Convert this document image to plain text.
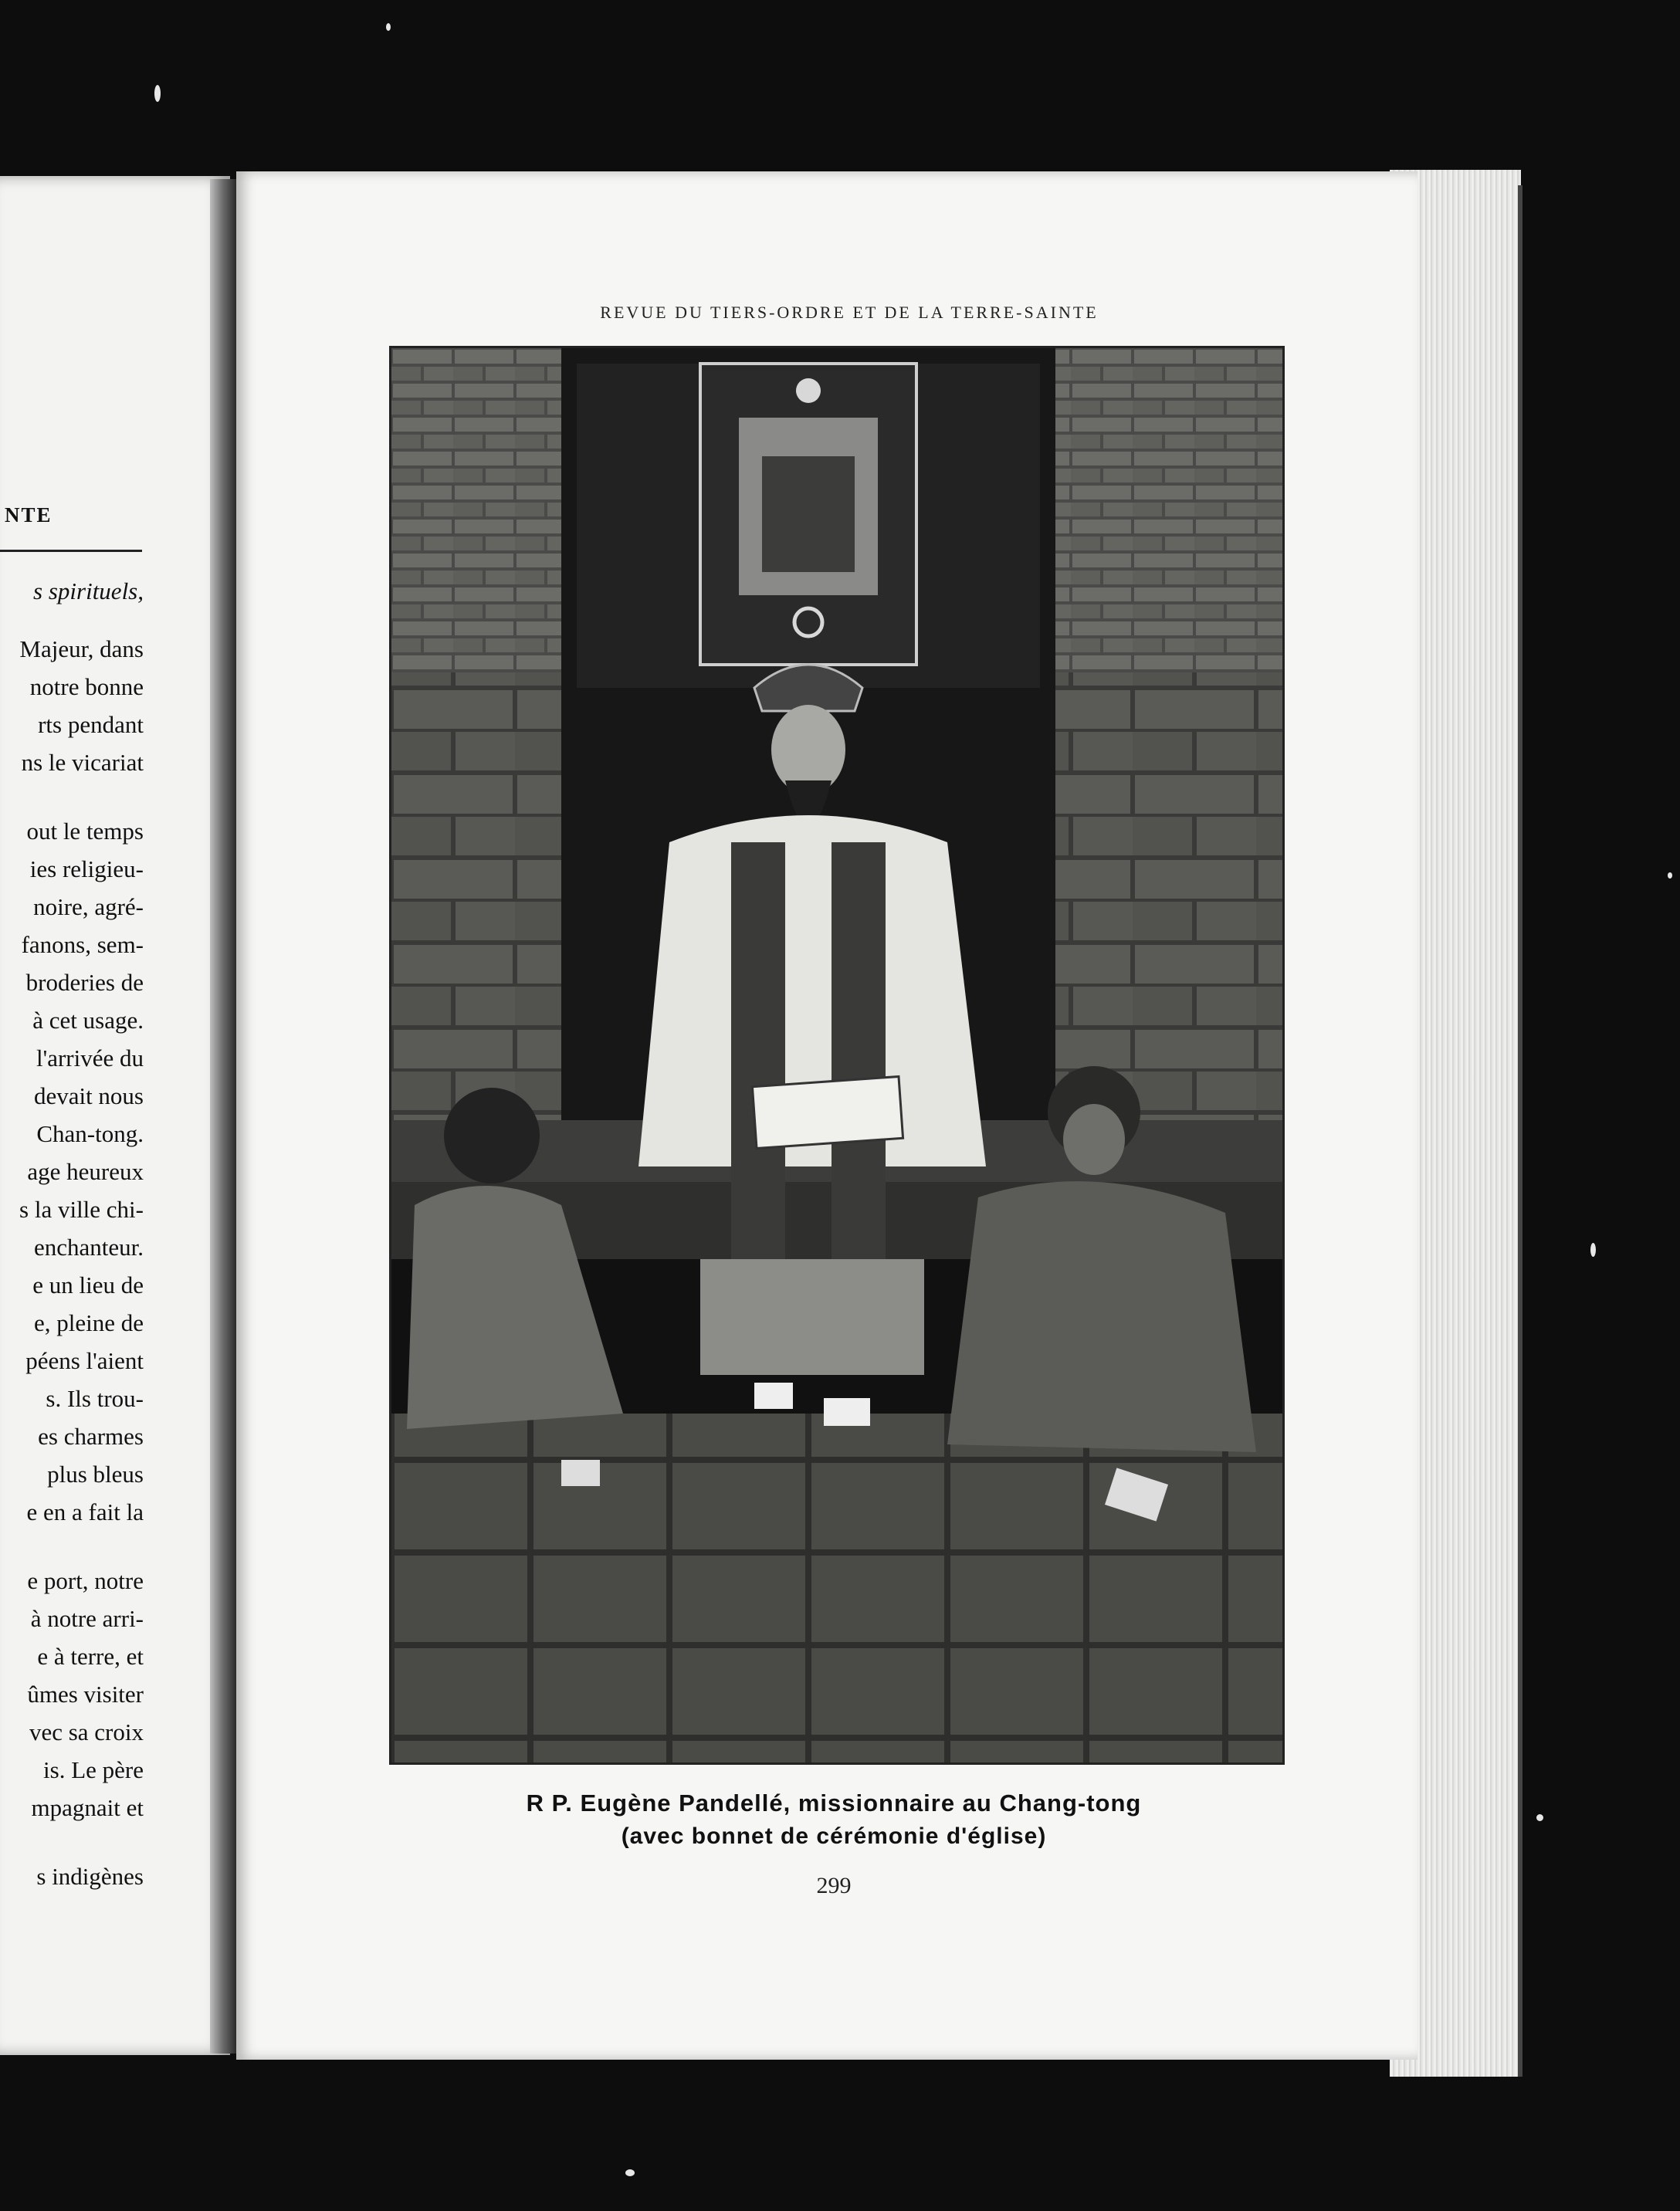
NTE
s spirituels,
Majeur, dans
notre bonne
rts pendant
ns le vicariat
out le temps
ies religieu-
noire, agré-
fanons, sem-
broderies de
à cet usage.
l'arrivée du
devait nous
Chan-tong.
age heureux
s la ville chi-
enchanteur.
e un lieu de
e, pleine de
péens l'aient
s. Ils trou-
es charmes
plus bleus
e en a fait la
e port, notre
à notre arri-
e à terre, et
ûmes visiter
vec sa croix
is. Le père
mpagnait et
s indigènes
REVUE DU TIERS-ORDRE ET DE LA TERRE-SAINTE
R P. Eugène Pandellé, missionnaire au Chang-tong
(avec bonnet de cérémonie d'église)
299
